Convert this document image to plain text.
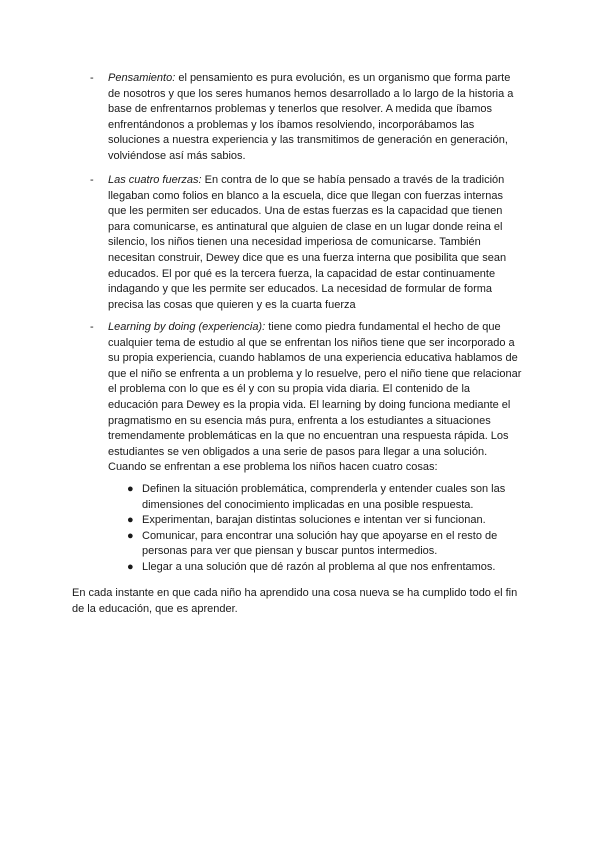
- Pensamiento: el pensamiento es pura evolución, es un organismo que forma parte de nosotros y que los seres humanos hemos desarrollado a lo largo de la historia a base de enfrentarnos problemas y tenerlos que resolver. A medida que íbamos enfrentándonos a problemas y los íbamos resolviendo, incorporábamos las soluciones a nuestra experiencia y las transmitimos de generación en generación, volviéndose así más sabios.
- Las cuatro fuerzas: En contra de lo que se había pensado a través de la tradición llegaban como folios en blanco a la escuela, dice que llegan con fuerzas internas que les permiten ser educados. Una de estas fuerzas es la capacidad que tienen para comunicarse, es antinatural que alguien de clase en un lugar donde reina el silencio, los niños tienen una necesidad imperiosa de comunicarse. También necesitan construir, Dewey dice que es una fuerza interna que posibilita que sean educados. El por qué es la tercera fuerza, la capacidad de estar continuamente indagando y que les permite ser educados. La necesidad de formular de forma precisa las cosas que quieren y es la cuarta fuerza
- Learning by doing (experiencia): tiene como piedra fundamental el hecho de que cualquier tema de estudio al que se enfrentan los niños tiene que ser incorporado a su propia experiencia, cuando hablamos de una experiencia educativa hablamos de que el niño se enfrenta a un problema y lo resuelve, pero el niño tiene que relacionar el problema con lo que es él y con su propia vida diaria. El contenido de la educación para Dewey es la propia vida. El learning by doing funciona mediante el pragmatismo en su esencia más pura, enfrenta a los estudiantes a situaciones tremendamente problemáticas en la que no encuentran una respuesta rápida. Los estudiantes se ven obligados a una serie de pasos para llegar a una solución. Cuando se enfrentan a ese problema los niños hacen cuatro cosas:
● Definen la situación problemática, comprenderla y entender cuales son las dimensiones del conocimiento implicadas en una posible respuesta.
● Experimentan, barajan distintas soluciones e intentan ver si funcionan.
● Comunicar, para encontrar una solución hay que apoyarse en el resto de personas para ver que piensan y buscar puntos intermedios.
● Llegar a una solución que dé razón al problema al que nos enfrentamos.
En cada instante en que cada niño ha aprendido una cosa nueva se ha cumplido todo el fin de la educación, que es aprender.
